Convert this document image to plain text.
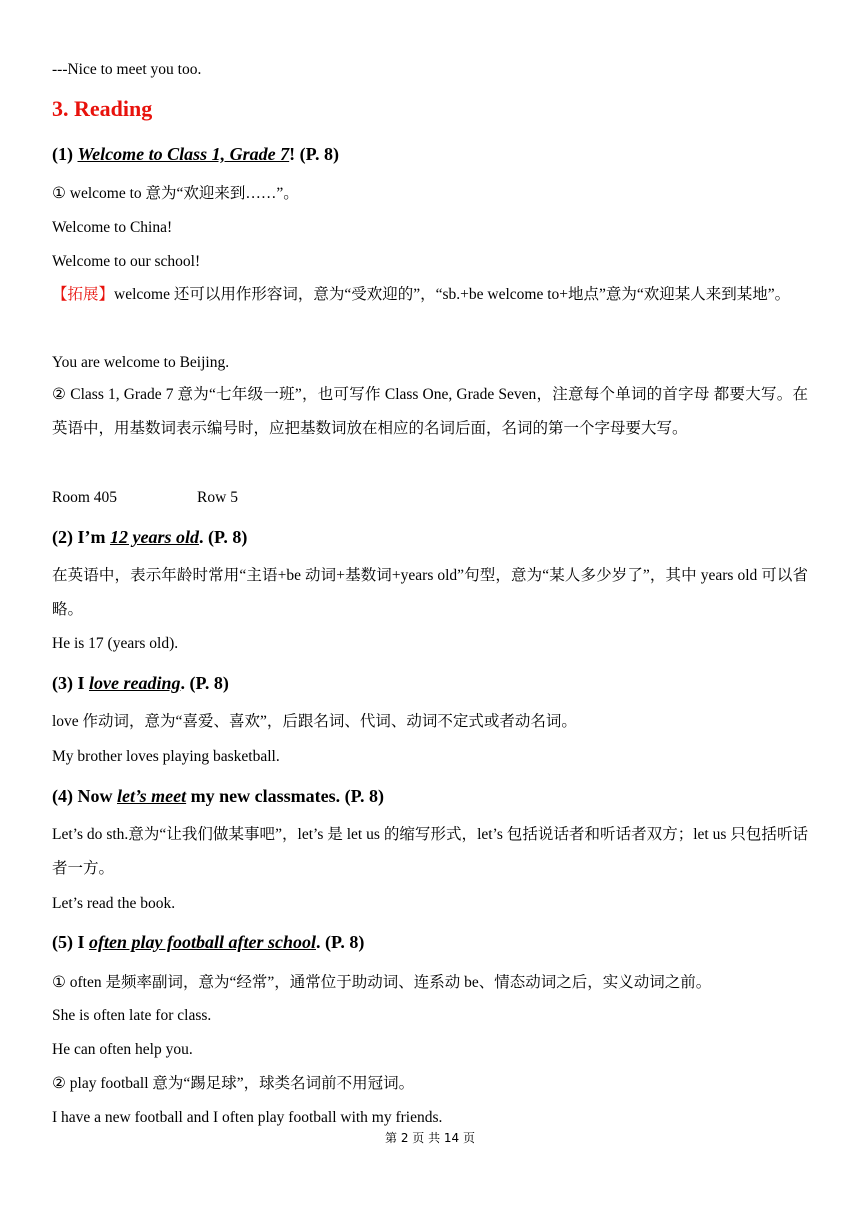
---Nice to meet you too.
3. Reading
(1) Welcome to Class 1, Grade 7! (P. 8)
① welcome to 意为“欢迎来到……”。
Welcome to China!
Welcome to our school!
【拓展】welcome 还可以用作形容词，意为“受欢迎的”，“sb.+be welcome to+地点”意为“欢迎某人来到某地”。
You are welcome to Beijing.
② Class 1, Grade 7 意为“七年级一班”，也可写作 Class One, Grade Seven，注意每个单词的首字母 都要大写。在英语中，用基数词表示编号时，应把基数词放在相应的名词后面，名词的第一个字母要大写。
Room 405	Row 5
(2) I’m 12 years old. (P. 8)
在英语中，表示年龄时常用“主语+be 动词+基数词+years old”句型，意为“某人多少岁了”，其中 years old 可以省略。
He is 17 (years old).
(3) I love reading. (P. 8)
love 作动词，意为“喜爱、喜欢”，后跟名词、代词、动词不定式或者动名词。
My brother loves playing basketball.
(4) Now let’s meet my new classmates. (P. 8)
Let’s do sth.意为“让我们做某事吧”，let’s 是 let us 的缩写形式，let’s 包括说话者和听话者双方；let us 只包括听话者一方。
Let’s read the book.
(5) I often play football after school. (P. 8)
① often 是频率副词，意为“经常”，通常位于助动词、连系动 be、情态动词之后，实义动词之前。
She is often late for class.
He can often help you.
② play football 意为“踢足球”，球类名词前不用冠词。
I have a new football and I often play football with my friends.
第 2 页 共 14 页
